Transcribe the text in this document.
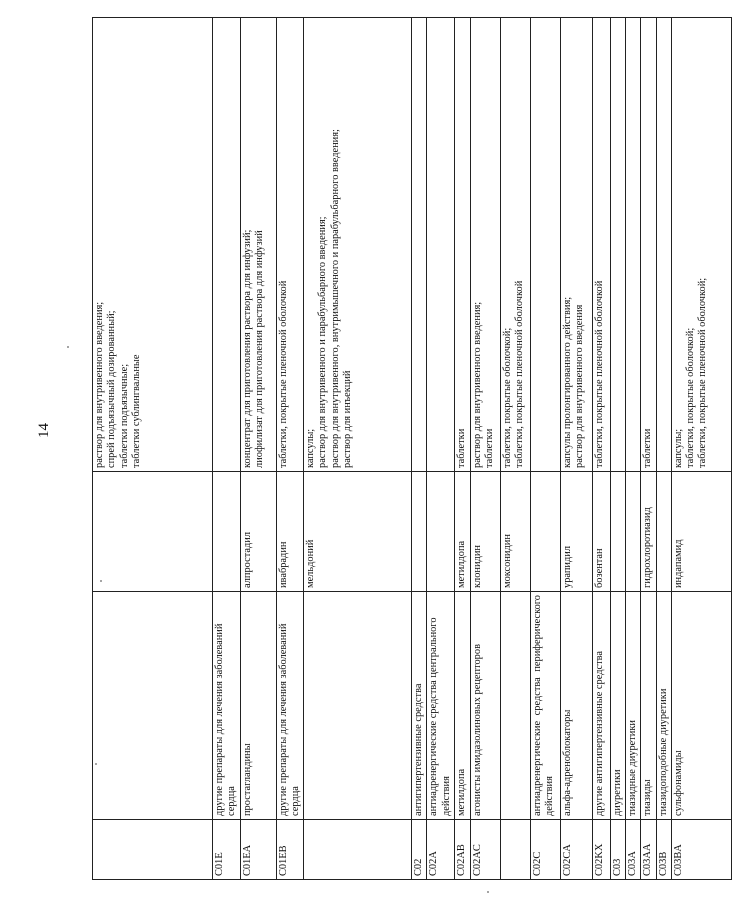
14

			раствор для внутривенного введения; спрей подъязычный дозированный; таблетки подъязычные; таблетки сублингвальные

C01E	другие препараты для лечения заболеваний сердца		
C01EA	простагландины	алпростадил	концентрат для приготовления раствора для инфузий; лиофилизат для приготовления раствора для инфузий

C01EB	другие препараты для лечения заболеваний сердца	ивабрадин	таблетки, покрытые пленочной оболочкой

		мельдоний	капсулы; раствор для внутривенного и парабульбарного введения; раствор для внутривенного, внутримышечного и парабульбарного введения; раствор для инъекций

C02	антигипертензивные средства		
C02A	антиадренергические средства центрального действия		
C02AB	метилдопа	метилдопа	таблетки

C02AC	агонисты имидазолиновых рецепторов	клонидин	раствор для внутривенного введения; таблетки

		моксонидин	таблетки, покрытые оболочкой; таблетки, покрытые пленочной оболочкой

C02C	антиадренергические средства периферического действия		
C02CA	альфа-адреноблокаторы	урапидил	капсулы пролонгированного действия; раствор для внутривенного введения

C02KX	другие антигипертензивные средства	бозентан	таблетки, покрытые пленочной оболочкой

C03	диуретики		
C03A	тиазидные диуретики		
C03AA	тиазиды	гидрохлоротиазид	таблетки

C03B	тиазидоподобные диуретики		
C03BA	сульфонамиды	индапамид	капсулы; таблетки, покрытые оболочкой; таблетки, покрытые пленочной оболочкой;
